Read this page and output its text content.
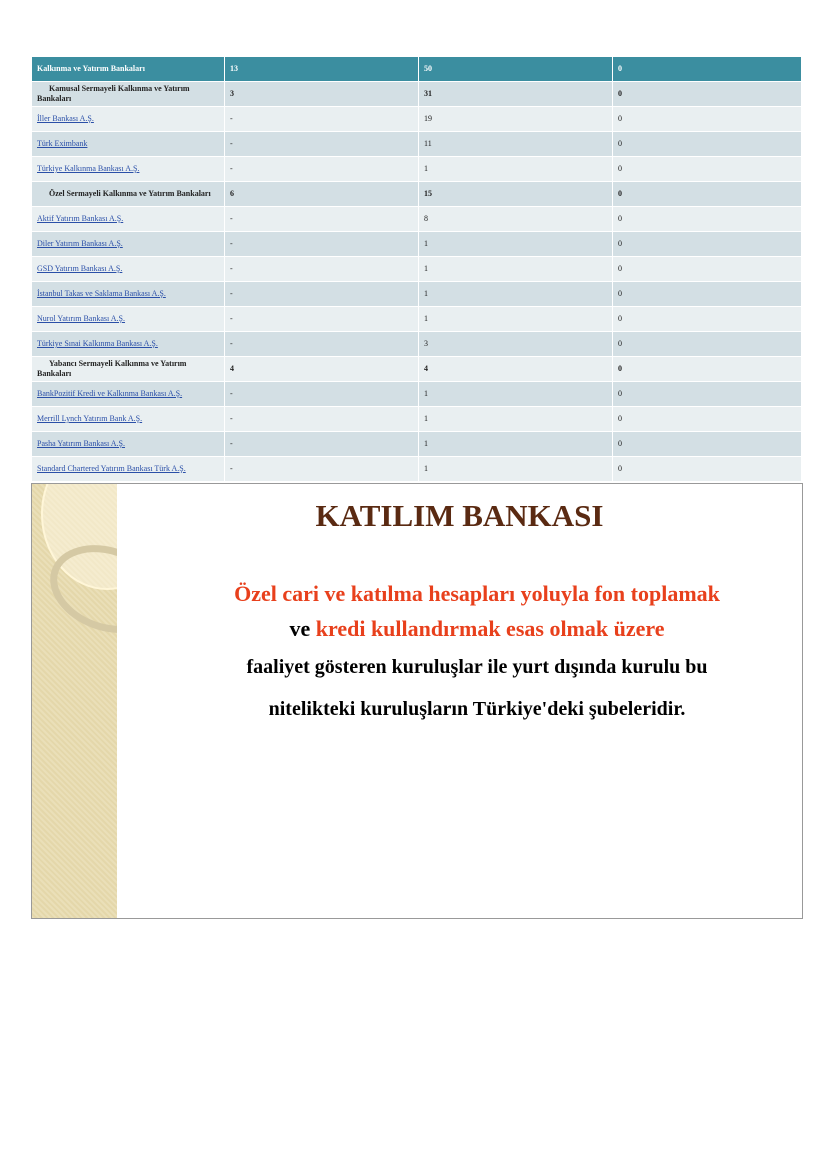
Kalkınma ve Yatırım Bankaları	13	50	0

Kamusal Sermayeli Kalkınma ve Yatırım Bankaları	3	31	0
İller Bankası A.Ş.	-	19	0
Türk Eximbank	-	11	0
Türkiye Kalkınma Bankası A.Ş.	-	1	0

Özel Sermayeli Kalkınma ve Yatırım Bankaları	6	15	0
Aktif Yatırım Bankası A.Ş.	-	8	0
Diler Yatırım Bankası A.Ş.	-	1	0
GSD Yatırım Bankası A.Ş.	-	1	0
İstanbul Takas ve Saklama Bankası A.Ş.	-	1	0
Nurol Yatırım Bankası A.Ş.	-	1	0
Türkiye Sınai Kalkınma Bankası A.Ş.	-	3	0

Yabancı Sermayeli Kalkınma ve Yatırım Bankaları	4	4	0
BankPozitif Kredi ve Kalkınma Bankası A.Ş.	-	1	0
Merrill Lynch Yatırım Bank A.Ş.	-	1	0
Pasha Yatırım Bankası A.Ş.	-	1	0
Standard Chartered Yatırım Bankası Türk A.Ş.	-	1	0
KATILIM BANKASI
Özel cari ve katılma hesapları yoluyla fon toplamak
ve kredi kullandırmak esas olmak üzere
faaliyet gösteren kuruluşlar ile yurt dışında kurulu bu
nitelikteki kuruluşların Türkiye'deki şubeleridir.
